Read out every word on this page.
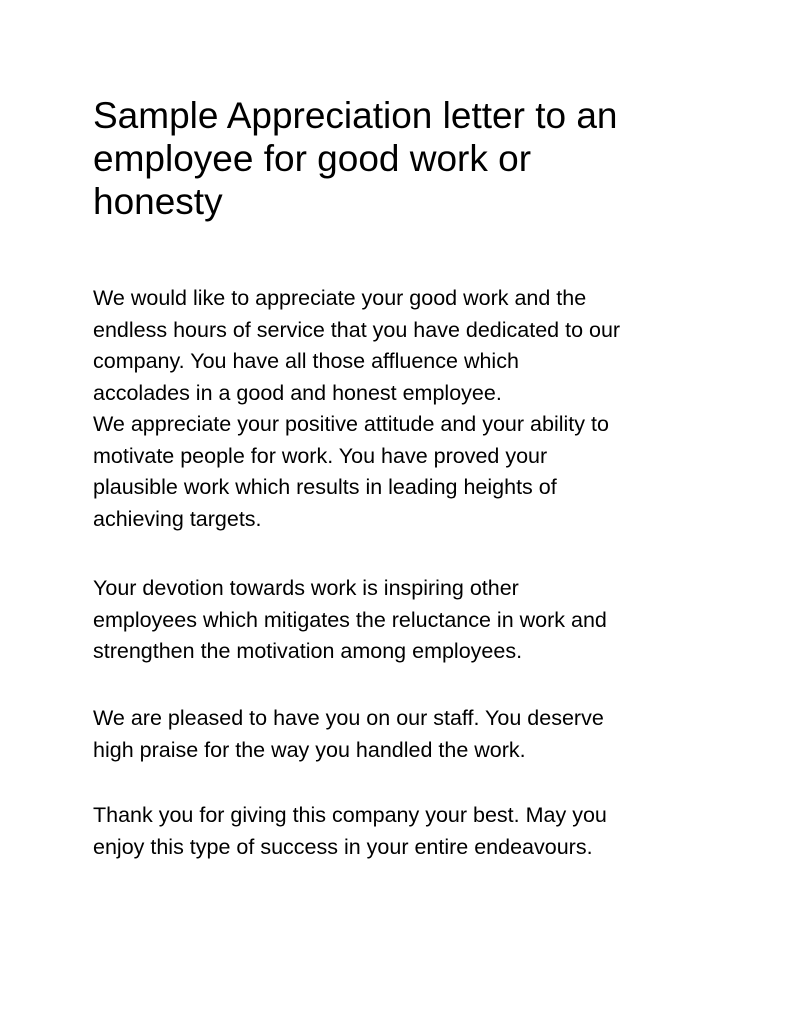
Sample Appreciation letter to an
employee for good work or
honesty
We would like to appreciate your good work and the
endless hours of service that you have dedicated to our
company. You have all those affluence which
accolades in a good and honest employee.
We appreciate your positive attitude and your ability to
motivate people for work. You have proved your
plausible work which results in leading heights of
achieving targets.
Your devotion towards work is inspiring other
employees which mitigates the reluctance in work and
strengthen the motivation among employees.
We are pleased to have you on our staff. You deserve
high praise for the way you handled the work.
Thank you for giving this company your best. May you
enjoy this type of success in your entire endeavours.
